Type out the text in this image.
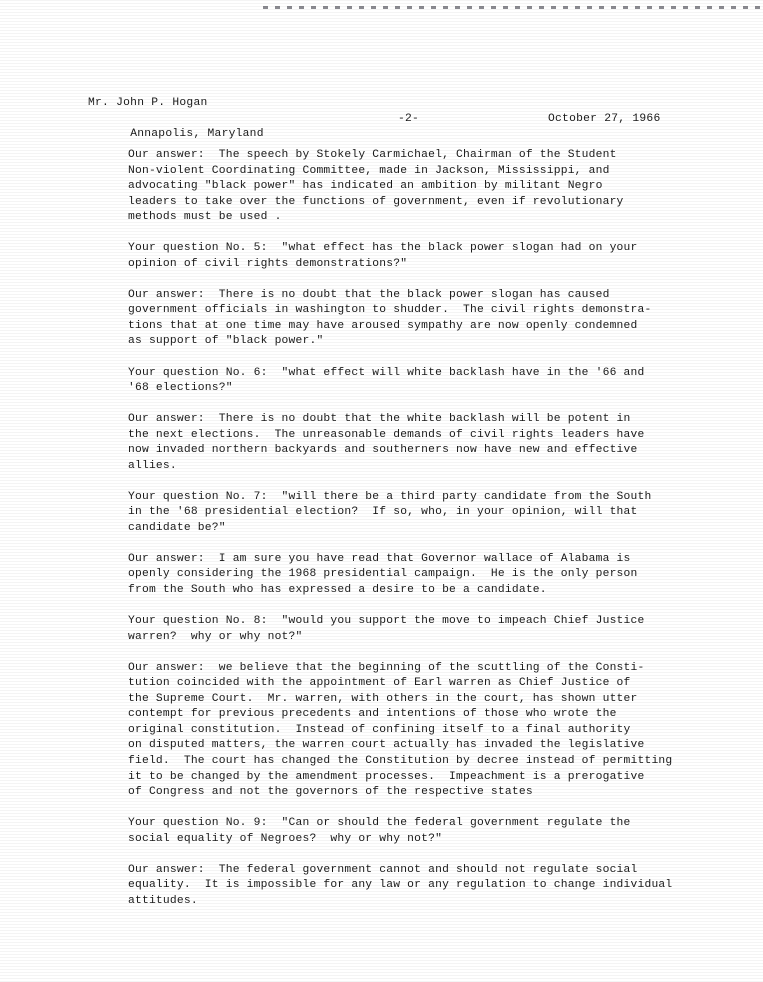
Mr. John P. Hogan

Annapolis, Maryland

-2-

	October 27, 1966

Our answer:  The speech by Stokely Carmichael, Chairman of the Student
Non-violent Coordinating Committee, made in Jackson, Mississippi, and
advocating "black power" has indicated an ambition by militant Negro
leaders to take over the functions of government, even if revolutionary
methods must be used .

Your question No. 5:  "ᴡhat effect has the black power slogan had on your
opinion of civil rights demonstrations?"

Our answer:  There is no doubt that the black power slogan has caused
government officials in ᴡashington to shudder.  The civil rights demonstra-
tions that at one time may have aroused sympathy are now openly condemned
as support of "black power."

Your question No. 6:  "ᴡhat effect will white backlash have in the '66 and
'68 elections?"

Our answer:  There is no doubt that the white backlash will be potent in
the next elections.  The unreasonable demands of civil rights leaders have
now invaded northern backyards and southerners now have new and effective
allies.

Your question No. 7:  "ᴡill there be a third party candidate from the South
in the '68 presidential election?  If so, who, in your opinion, will that
candidate be?"

Our answer:  I am sure you have read that Governor ᴡallace of Alabama is
openly considering the 1968 presidential campaign.  He is the only person
from the South who has expressed a desire to be a candidate.

Your question No. 8:  "ᴡould you support the move to impeach Chief Justice
ᴡarren?  ᴡhy or why not?"

Our answer:  ᴡe believe that the beginning of the scuttling of the Consti-
tution coincided with the appointment of Earl ᴡarren as Chief Justice of
the Supreme Court.  Mr. ᴡarren, with others in the court, has shown utter
contempt for previous precedents and intentions of those who wrote the
original constitution.  Instead of confining itself to a final authority
on disputed matters, the ᴡarren court actually has invaded the legislative
field.  The court has changed the Constitution by decree instead of permitting
it to be changed by the amendment processes.  Impeachment is a prerogative
of Congress and not the governors of the respective states

Your question No. 9:  "Can or should the federal government regulate the
social equality of Negroes?  ᴡhy or why not?"

Our answer:  The federal government cannot and should not regulate social
equality.  It is impossible for any law or any regulation to change individual
attitudes.
